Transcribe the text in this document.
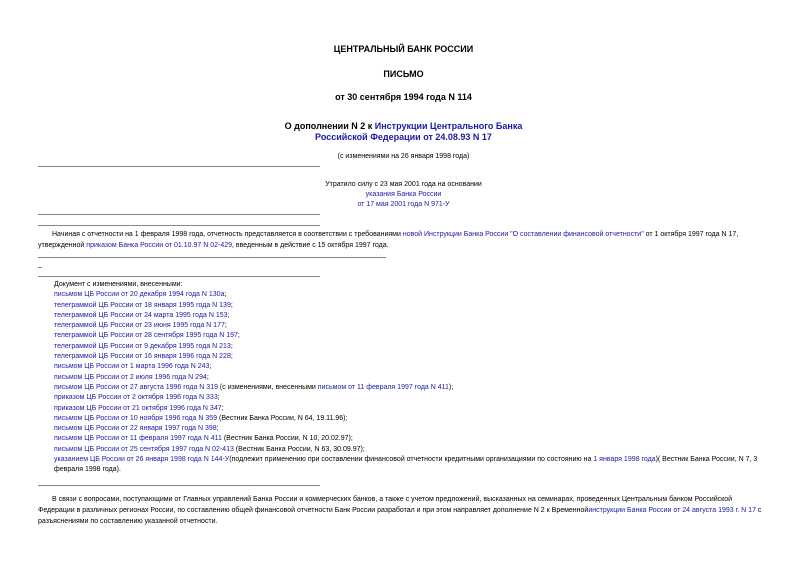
ЦЕНТРАЛЬНЫЙ БАНК РОССИИ
ПИСЬМО
от 30 сентября 1994 года N 114
О дополнении N 2 к Инструкции Центрального Банка
Российской Федерации от 24.08.93 N 17
(с изменениями на 26 января 1998 года)
Утратило силу с 23 мая 2001 года на основании
указания Банка России
от 17 мая 2001 года N 971-У
Начиная с отчетности на 1 февраля 1998 года, отчетность представляется в соответствии с требованиями новой Инструкции Банка России "О составлении финансовой отчетности" от 1 октября 1997 года N 17, утвержденной приказом Банка России от 01.10.97 N 02-429, введенным в действие с 15 октября 1997 года.
–
Документ с изменениями, внесенными:
письмом ЦБ России от 20 декабря 1994 года N 130а;
телеграммой ЦБ России от 18 января 1995 года N 139;
телеграммой ЦБ России от 24 марта 1995 года N 153;
телеграммой ЦБ России от 23 июня 1995 года N 177;
телеграммой ЦБ России от 28 сентября 1995 года N 197;
телеграммой ЦБ России от 9 декабря 1995 года N 213;
телеграммой ЦБ России от 16 января 1996 года N 228;
письмом ЦБ России от 1 марта 1996 года N 243;
письмом ЦБ России от 2 июля 1996 года N 294;
письмом ЦБ России от 27 августа 1996 года N 319 (с изменениями, внесенными письмом от 11 февраля 1997 года N 411);
приказом ЦБ России от 2 октября 1996 года N 333;
приказом ЦБ России от 21 октября 1996 года N 347;
письмом ЦБ России от 10 ноября 1996 года N 359 (Вестник Банка России, N 64, 19.11.96);
письмом ЦБ России от 22 января 1997 года N 398;
письмом ЦБ России от 11 февраля 1997 года N 411 (Вестник Банка России, N 10, 20.02.97);
письмом ЦБ России от 25 сентября 1997 года N 02-413 (Вестник Банка России, N 63, 30.09.97);
указанием ЦБ России от 26 января 1998 года N 144-У(подлежит применению при составлении финансовой отчетности кредитными организациями по состоянию на 1 января 1998 года)( Вестник Банка России, N 7, 3 февраля 1998 года).
В связи с вопросами, поступающими от Главных управлений Банка России и коммерческих банков, а также с учетом предложений, высказанных на семинарах, проведенных Центральным банком Российской Федерации в различных регионах России, по составлению общей финансовой отчетности Банк России разработал и при этом направляет дополнение N 2 к Временнойинструкции Банка России от 24 августа 1993 г. N 17 с разъяснениями по составлению указанной отчетности.
